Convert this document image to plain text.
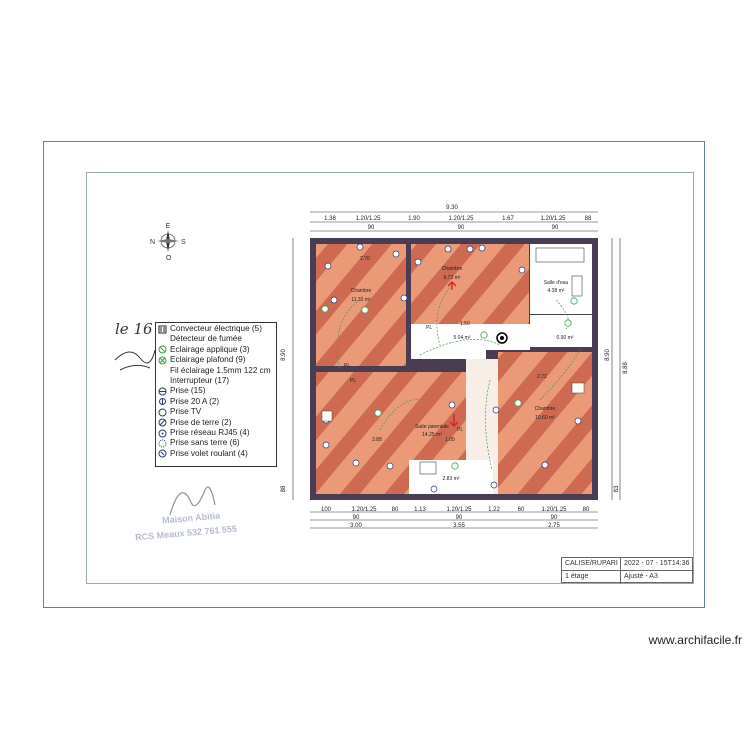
E
N	S
O
9.30
1.38	1.20/1.25	1.90	1.20/1.25	1.67	1.20/1.25	88
90	90	90
8.90
88
8.90
8.88
83
100	1.20/1.25	80	1.13	1.20/1.25	1.22	60	1.20/1.25	80
90	90	90
3.00	3.55	2.75
Chambre
11.32 m²
Chambre
9.73 m²
Salle d'eau
4.38 m²
5.04 m²	0.90 m²
Suite parentale
14.25 m²
Chambre
10.60 m²
2.83 m²
2.70
1.50
2.72
3.88	1.05
PL
PL
PL
PL
le 16
Maison Abitia
RCS Meaux 532 761 555
Convecteur électrique (5)
Détecteur de fumée
Eclairage applique (3)
Eclairage plafond (9)
Fil éclairage 1.5mm 122 cm
Interrupteur (17)
Prise (15)
Prise 20 A (2)
Prise TV
Prise de terre (2)
Prise réseau RJ45 (4)
Prise sans terre (6)
Prise volet roulant (4)
CALISE/RUPARI 2022 - 07 - 15T14:36
1 étage	Ajusté - A3
www.archifacile.fr
